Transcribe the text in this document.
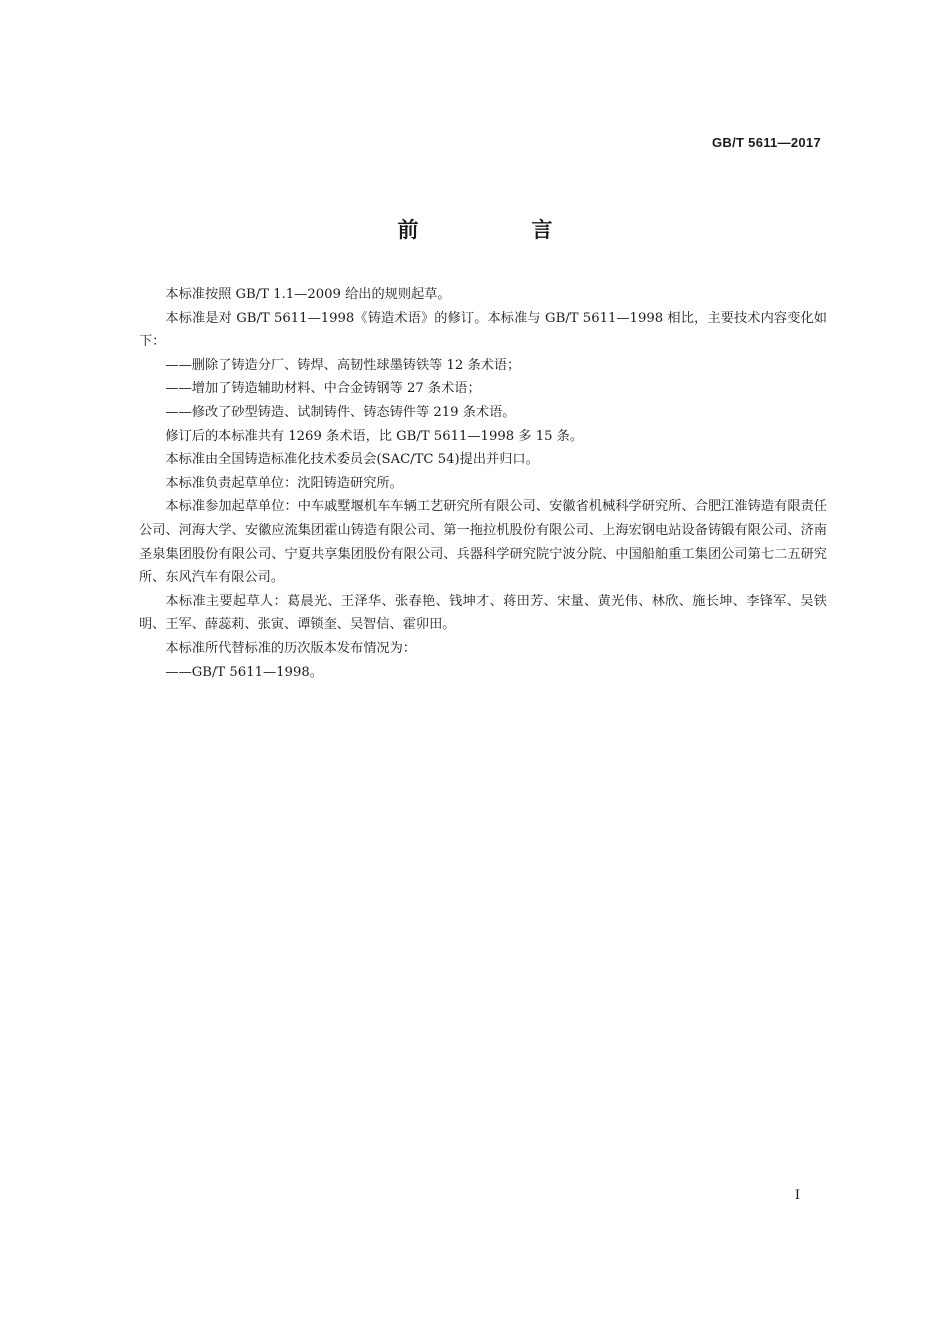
GB/T 5611—2017
前　言

本标准按照 GB/T 1.1—2009 给出的规则起草。

本标准是对 GB/T 5611—1998《铸造术语》的修订。本标准与 GB/T 5611—1998 相比，主要技术内容变化如下：

——删除了铸造分厂、铸焊、高韧性球墨铸铁等 12 条术语；

——增加了铸造辅助材料、中合金铸钢等 27 条术语；

——修改了砂型铸造、试制铸件、铸态铸件等 219 条术语。

修订后的本标准共有 1269 条术语，比 GB/T 5611—1998 多 15 条。

本标准由全国铸造标准化技术委员会(SAC/TC 54)提出并归口。

本标准负责起草单位：沈阳铸造研究所。

本标准参加起草单位：中车戚墅堰机车车辆工艺研究所有限公司、安徽省机械科学研究所、合肥江淮铸造有限责任公司、河海大学、安徽应流集团霍山铸造有限公司、第一拖拉机股份有限公司、上海宏钢电站设备铸锻有限公司、济南圣泉集团股份有限公司、宁夏共享集团股份有限公司、兵器科学研究院宁波分院、中国船舶重工集团公司第七二五研究所、东风汽车有限公司。

本标准主要起草人：葛晨光、王泽华、张春艳、钱坤才、蒋田芳、宋量、黄光伟、林欣、施长坤、李锋军、吴铁明、王军、薛蕊莉、张寅、谭锁奎、吴智信、霍卯田。

本标准所代替标准的历次版本发布情况为：

——GB/T 5611—1998。

I
